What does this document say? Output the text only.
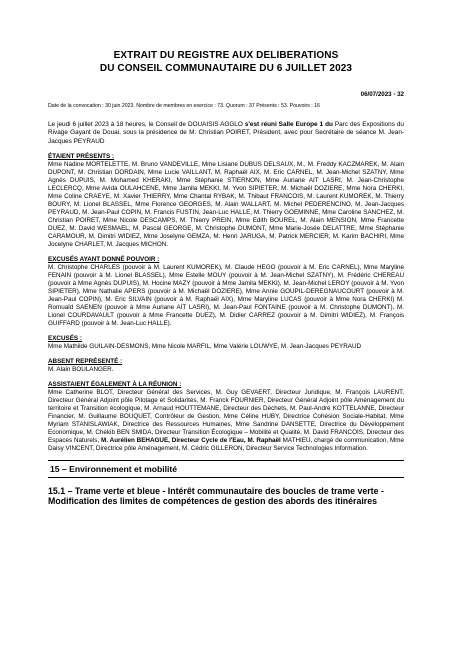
EXTRAIT DU REGISTRE AUX DELIBERATIONS
DU CONSEIL COMMUNAUTAIRE DU 6 JUILLET 2023
06/07/2023 - 32
Date de la convocation : 30 juin 2023. Nombre de membres en exercice : 73. Quorum : 37 Présents : 53. Pouvoirs : 16

Le jeudi 6 juillet 2023 à 18 heures, le Conseil de DOUAISIS AGGLO s'est réuni Salle Europe 1 du Parc des Expositions du Rivage Gayant de Douai, sous la présidence de M. Christian POIRET, Président, avec pour Secrétaire de séance M. Jean-Jacques PEYRAUD

ÉTAIENT PRÉSENTS :
Mme Nadine MORTELETTE, M. Bruno VANDEVILLE, Mme Lisiane DUBUS DELSAUX, M., M. Freddy KACZMAREK, M. Alain DUPONT, M. Christian DORDAIN, Mme Lucie VAILLANT, M. Raphaël AIX, M. Eric CARNEL, M. Jean-Michel SZATNY, Mme Agnès DUPUIS, M. Mohamed KHERAKI, Mme Stéphanie STIERNON, Mme Auriane AIT LASRI, M. Jean-Christophe LECLERCQ, Mme Avida OULAHCENE, Mme Jamila MEKKI, M. Yvon SIPIETER, M. Michaël DOZIERE, Mme Nora CHERKI, Mme Coline CRAEYE, M. Xavier THIERRY, Mme Chantal RYBAK, M. Thibaut FRANCOIS, M. Laurent KUMOREK, M. Thierry BOURY, M. Lionel BLASSEL, Mme Florence GEORGES, M. Alain WALLART, M. Michel PEDERENCINO, M. Jean-Jacques PEYRAUD, M. Jean-Paul COPIN, M. Francis FUSTIN, Jean-Luc HALLE, M. Thierry GOEMINNE, Mme Caroline SANCHEZ, M. Christian POIRET, Mme Nicole DESCAMPS, M. Thierry PREIN, Mme Edith BOUREL, M. Alain MENSION, Mme Francette DUEZ, M. David WESMAEL, M. Pascal GEORGE, M. Christophe DUMONT, Mme Marie-Josée DELATTRE, Mme Stéphanie CARAMOUR, M. Dimitri WIDIEZ, Mme Joselyne GEMZA, M. Henri JARUGA, M. Patrick MERCIER, M. Karim BACHIRI, Mme Jocelyne CHARLET, M. Jacques MICHON.
EXCUSÉS AYANT DONNÉ POUVOIR :
M. Christophe CHARLES (pouvoir à M. Laurent KUMOREK), M. Claude HEGO (pouvoir à M. Eric CARNEL), Mme Maryline FENAIN (pouvoir à M. Lionel BLASSEL), Mme Estelle MOUY (pouvoir à M. Jean-Michel SZATNY), M. Frédéric CHEREAU (pouvoir à Mme Agnès DUPUIS), M. Hocine MAZY (pouvoir à Mme Jamila MEKKI), M. Jean-Michel LEROY (pouvoir à M. Yvon SIPIETER), Mme Nathalie APERS (pouvoir à M. Michaël DOZIERE), Mme Annie GOUPIL-DEREGNAUCOURT (pouvoir à M. Jean-Paul COPIN), M. Eric SILVAIN (pouvoir à M. Raphaël AIX), Mme Maryline LUCAS (pouvoir à Mme Nora CHERKI) M. Romuald SAENEN (pouvoir à Mme Auriane AIT LASRI), M. Jean-Paul FONTAINE (pouvoir à M. Christophe DUMONT), M. Lionel COURDAVAULT (pouvoir à Mme Francette DUEZ), M. Didier CARREZ (pouvoir à M. Dimitri WIDIEZ), M. François GUIFFARD (pouvoir à M. Jean-Luc HALLE).
EXCUSÉS :
Mme Mathilde GUILAIN-DESMONS, Mme Nicole MARFIL, Mme Valérie LOUWYE, M. Jean-Jacques PEYRAUD
ABSENT REPRÉSENTÉ :
M. Alain BOULANGER.
ASSISTAIENT ÉGALEMENT À LA RÉUNION :
Mme Catherine BLOT, Directeur Général des Services, M. Guy GEVAERT, Directeur Juridique, M. François LAURENT, Directeur Général Adjoint pôle Pilotage et Solidarités, M. Franck FOURNIER, Directeur Général Adjoint pôle Aménagement du territoire et Transition écologique, M. Arnaud HOUTTEMANE, Directeur des Déchets, M. Paul-André KOTTELANNE, Directeur Financier, M. Guillaume BOUQUET, Contrôleur de Gestion, Mme Céline HUBY, Directrice Cohésion Sociale-Habitat, Mme Myriam STANISLAWIAK, Directrice des Ressources Humaines, Mme Sandrine DANSETTE, Directrice du Développement Economique, M. Chékib BEN SMIDA, Directeur Transition Écologique – Mobilité et Qualité, M. David FRANCOIS, Directeur des Espaces Naturels, M. Aurélien BEHAGUE, Directeur Cycle de l'Eau, M. Raphaël MATHIEU, chargé de communication, Mme Daisy VINCENT, Directrice pôle Aménagement, M. Cédric GILLERON, Directeur Service Technologies Information.
15 – Environnement et mobilité
15.1 – Trame verte et bleue - Intérêt communautaire des boucles de trame verte - Modification des limites de compétences de gestion des abords des itinéraires
